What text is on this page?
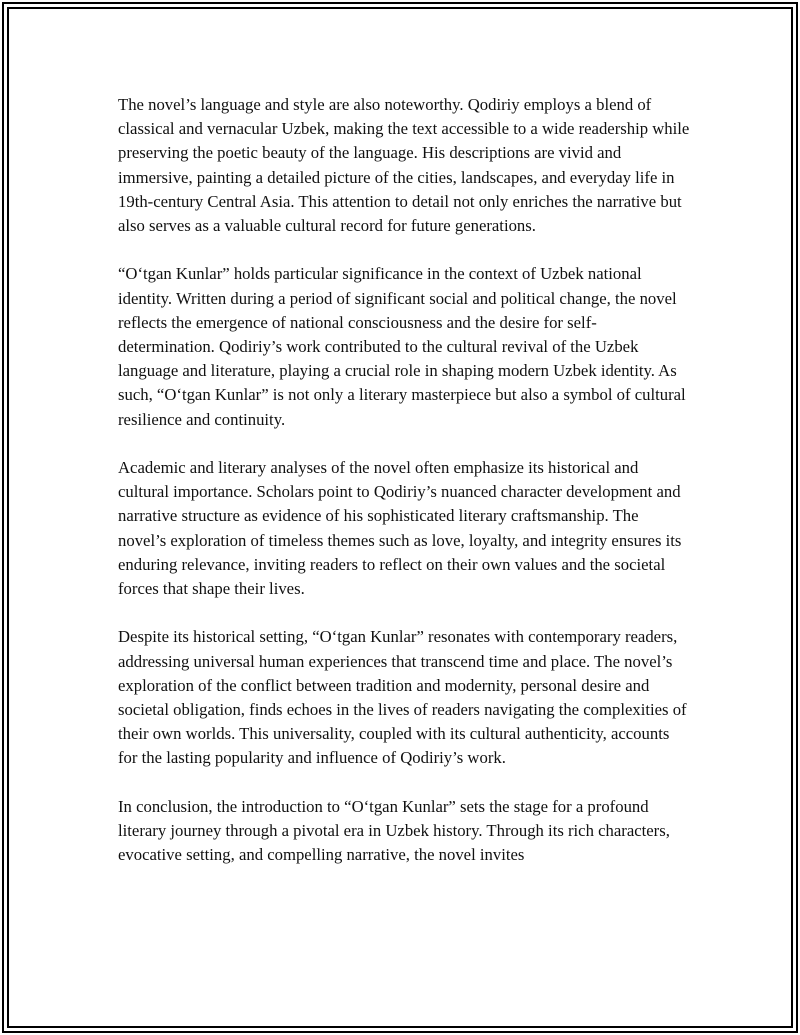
The novel’s language and style are also noteworthy. Qodiriy employs a blend of classical and vernacular Uzbek, making the text accessible to a wide readership while preserving the poetic beauty of the language. His descriptions are vivid and immersive, painting a detailed picture of the cities, landscapes, and everyday life in 19th-century Central Asia. This attention to detail not only enriches the narrative but also serves as a valuable cultural record for future generations.

“O‘tgan Kunlar” holds particular significance in the context of Uzbek national identity. Written during a period of significant social and political change, the novel reflects the emergence of national consciousness and the desire for self-determination. Qodiriy’s work contributed to the cultural revival of the Uzbek language and literature, playing a crucial role in shaping modern Uzbek identity. As such, “O‘tgan Kunlar” is not only a literary masterpiece but also a symbol of cultural resilience and continuity.

Academic and literary analyses of the novel often emphasize its historical and cultural importance. Scholars point to Qodiriy’s nuanced character development and narrative structure as evidence of his sophisticated literary craftsmanship. The novel’s exploration of timeless themes such as love, loyalty, and integrity ensures its enduring relevance, inviting readers to reflect on their own values and the societal forces that shape their lives.

Despite its historical setting, “O‘tgan Kunlar” resonates with contemporary readers, addressing universal human experiences that transcend time and place. The novel’s exploration of the conflict between tradition and modernity, personal desire and societal obligation, finds echoes in the lives of readers navigating the complexities of their own worlds. This universality, coupled with its cultural authenticity, accounts for the lasting popularity and influence of Qodiriy’s work.

In conclusion, the introduction to “O‘tgan Kunlar” sets the stage for a profound literary journey through a pivotal era in Uzbek history. Through its rich characters, evocative setting, and compelling narrative, the novel invites
